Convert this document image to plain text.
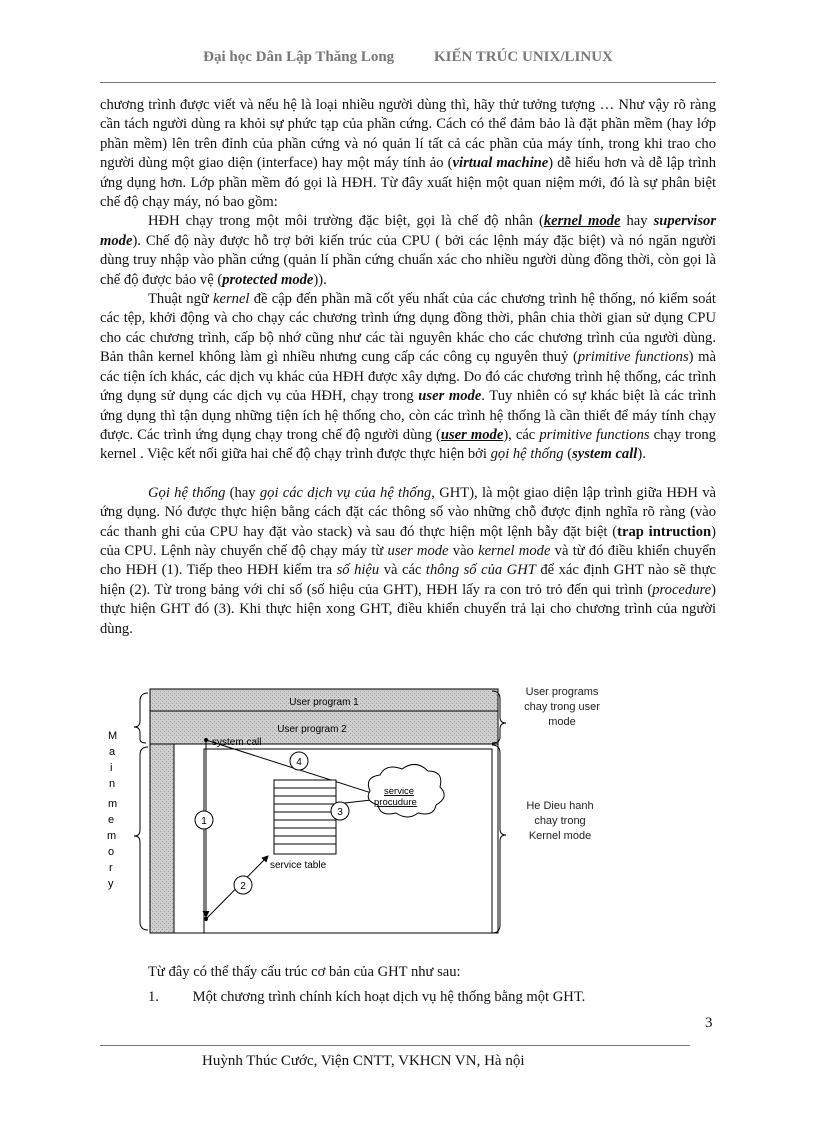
Đại học Dân Lập Thăng Long	KIẾN TRÚC UNIX/LINUX

chương trình được viết và nếu hệ là loại nhiều người dùng thì, hãy thử tưởng tượng … Như vậy rõ ràng cần tách người dùng ra khỏi sự phức tạp của phần cứng. Cách có thể đảm bảo là đặt phần mềm (hay lớp phần mềm) lên trên đỉnh của phần cứng và nó quản lí tất cả các phần của máy tính, trong khi trao cho người dùng một giao diện (interface) hay một máy tính ảo (virtual machine) dễ hiểu hơn và dễ lập trình ứng dụng hơn. Lớp phần mềm đó gọi là HĐH. Từ đây xuất hiện một quan niệm mới, đó là sự phân biệt chế độ chạy máy, nó bao gồm:

HĐH chạy trong một môi trường đặc biệt, gọi là chế độ nhân (kernel mode hay supervisor mode). Chế độ này được hỗ trợ bởi kiến trúc của CPU ( bởi các lệnh máy đặc biệt) và nó ngăn người dùng truy nhập vào phần cứng (quản lí phần cứng chuẩn xác cho nhiều người dùng đồng thời, còn gọi là chế độ được bảo vệ (protected mode)).

Thuật ngữ kernel đề cập đến phần mã cốt yếu nhất của các chương trình hệ thống, nó kiểm soát các tệp, khởi động và cho chạy các chương trình ứng dụng đồng thời, phân chia thời gian sử dụng CPU cho các chương trình, cấp bộ nhớ cũng như các tài nguyên khác cho các chương trình của người dùng. Bản thân kernel không làm gì nhiều nhưng cung cấp các công cụ nguyên thuỷ (primitive functions) mà các tiện ích khác, các dịch vụ khác của HĐH được xây dựng. Do đó các chương trình hệ thống, các trình ứng dụng sử dụng các dịch vụ của HĐH, chạy trong user mode. Tuy nhiên có sự khác biệt là các trình ứng dụng thì tận dụng những tiện ích hệ thống cho, còn các trình hệ thống là cần thiết để máy tính chạy được. Các trình ứng dụng chạy trong chế độ người dùng (user mode), các primitive functions chạy trong kernel . Việc kết nối giữa hai chế độ chạy trình được thực hiện bởi gọi hệ thống (system call).

Gọi hệ thống (hay gọi các dịch vụ của hệ thống, GHT), là một giao diện lập trình giữa HĐH và ứng dụng. Nó được thực hiện bằng cách đặt các thông số vào những chỗ được định nghĩa rõ ràng (vào các thanh ghi của CPU hay đặt vào stack) và sau đó thực hiện một lệnh bẫy đặt biệt (trap intruction) của CPU. Lệnh này chuyển chế độ chạy máy từ user mode vào kernel mode và từ đó điều khiển chuyển cho HĐH (1). Tiếp theo HĐH kiểm tra số hiệu và các thông số của GHT để xác định GHT nào sẽ thực hiện (2). Từ trong bảng với chỉ số (số hiệu của GHT), HĐH lấy ra con trỏ trỏ đến qui trình (procedure) thực hiện GHT đó (3). Khi thực hiện xong GHT, điều khiển chuyển trả lại cho chương trình của người dùng.

User program 1
User program 2
M
a
i
n
m
e
m
o
r
y
system call
service table
service
procudure
1
2
3
4
User programs
chay trong user
mode
He Dieu hanh
chay trong
Kernel mode
Từ đây có thể thấy cấu trúc cơ bản của GHT như sau:
1. Một chương trình chính kích hoạt dịch vụ hệ thống bằng một GHT.
3
Huỳnh Thúc Cước, Viện CNTT, VKHCN VN, Hà nội
